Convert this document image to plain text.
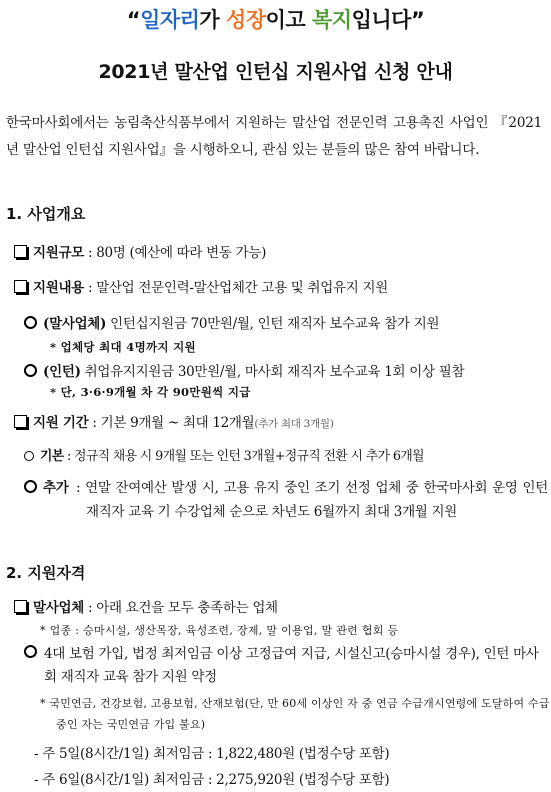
“일자리가 성장이고 복지입니다”
2021년 말산업 인턴십 지원사업 신청 안내
한국마사회에서는 농림축산식품부에서 지원하는 말산업 전문인력 고용촉진 사업인 『2021년 말산업 인턴십 지원사업』을 시행하오니, 관심 있는 분들의 많은 참여 바랍니다.
1. 사업개요
지원규모 : 80명 (예산에 따라 변동 가능)
지원내용 : 말산업 전문인력-말산업체간 고용 및 취업유지 지원
(말사업체) 인턴십지원금 70만원/월, 인턴 재직자 보수교육 참가 지원
* 업체당 최대 4명까지 지원
(인턴) 취업유지지원금 30만원/월, 마사회 재직자 보수교육 1회 이상 필참
* 단, 3·6·9개월 차 각 90만원씩 지급
지원 기간 : 기본 9개월 ~ 최대 12개월(추가 최대 3개월)
기본 : 정규직 채용 시 9개월 또는 인턴 3개월+정규직 전환 시 추가 6개월
추가 : 연말 잔여예산 발생 시, 고용 유지 중인 조기 선정 업체 중 한국마사회 운영 인턴 재직자 교육 기 수강업체 순으로 차년도 6월까지 최대 3개월 지원
2. 지원자격
말사업체 : 아래 요건을 모두 충족하는 업체
* 업종 : 승마시설, 생산목장, 육성조련, 장제, 말 이용업, 말 관련 협회 등
4대 보험 가입, 법정 최저임금 이상 고정급여 지급, 시설신고(승마시설 경우), 인턴 마사회 재직자 교육 참가 지원 약정
* 국민연금, 건강보험, 고용보험, 산재보험(단, 만 60세 이상인 자 중 연금 수급개시연령에 도달하여 수급 중인 자는 국민연금 가입 불요)
- 주 5일(8시간/1일) 최저임금 : 1,822,480원 (법정수당 포함)
- 주 6일(8시간/1일) 최저임금 : 2,275,920원 (법정수당 포함)
